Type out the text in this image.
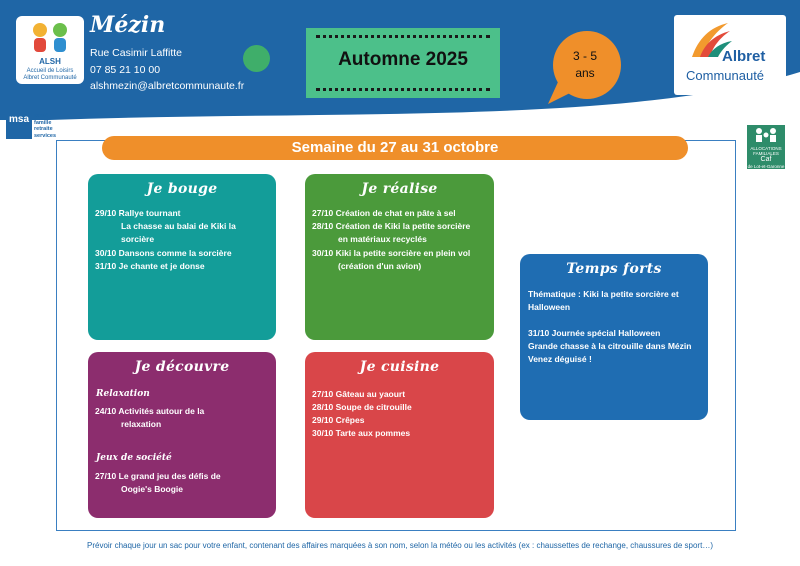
ALSH
Accueil de Loisirs
Albret Communauté
Mézin
Rue Casimir Laffitte
07 85 21 10 00
alshmezin@albretcommunaute.fr
Automne 2025	3 - 5
ans
Albret
Communauté
msa santé
famille
retraite
services
ALLOCATIONS
FAMILIALES
Caf
de Lot-et-Garonne
Semaine du 27 au 31 octobre
Je bouge
29/10 Rallye tournant
La chasse au balai de Kiki la
sorcière
30/10 Dansons comme la sorcière
31/10 Je chante et je donse
Je réalise
27/10 Création de chat en pâte à sel
28/10 Création de Kiki la petite sorcière
en matériaux recyclés
30/10 Kiki la petite sorcière en plein vol
(création d'un avion)
Je découvre
Relaxation
24/10 Activités autour de la
relaxation
Jeux de société
27/10 Le grand jeu des défis de
Oogie's Boogie
Je cuisine
27/10 Gâteau au yaourt
28/10 Soupe de citrouille
29/10 Crêpes
30/10 Tarte aux pommes
Temps forts
Thématique : Kiki la petite sorcière et
Halloween
31/10 Journée spécial Halloween
Grande chasse à la citrouille dans Mézin
Venez déguisé !
Prévoir chaque jour un sac pour votre enfant, contenant des affaires marquées à son nom, selon la météo ou les activités (ex : chaussettes de rechange, chaussures de sport…)
